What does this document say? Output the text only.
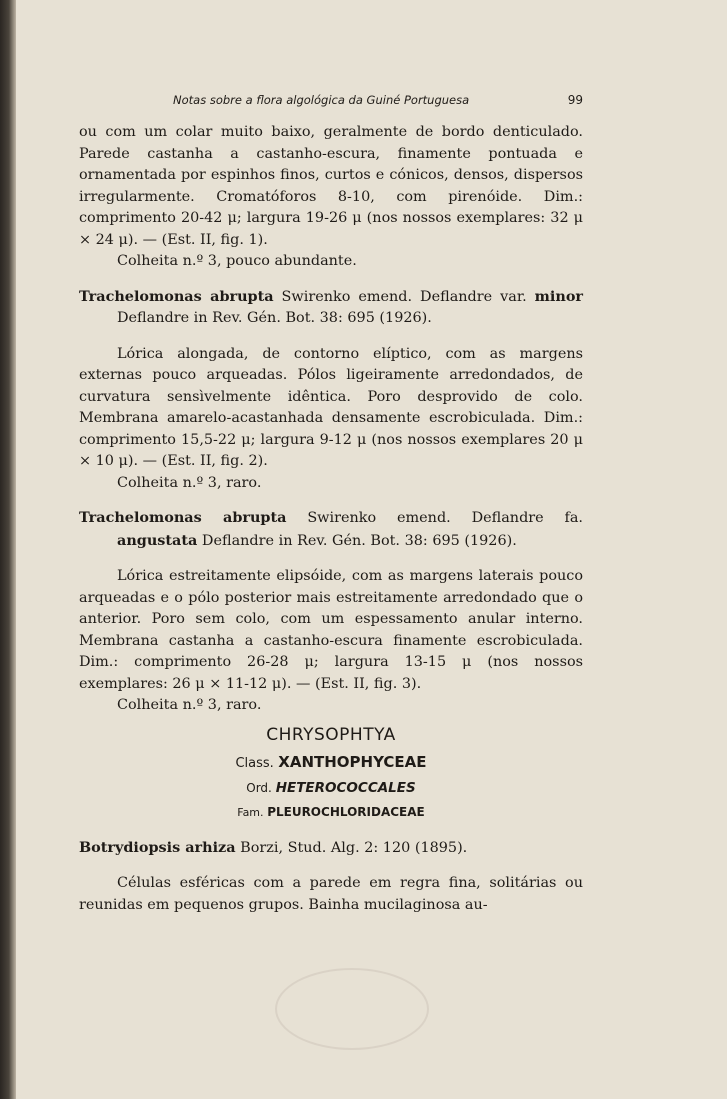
Notas sobre a flora algológica da Guiné Portuguesa	99

ou com um colar muito baixo, geralmente de bordo denticulado. Parede castanha a castanho-escura, finamente pontuada e ornamentada por espinhos finos, curtos e cónicos, densos, dispersos irregularmente. Cromatóforos 8-10, com pirenóide. Dim.: comprimento 20-42 μ; largura 19-26 μ (nos nossos exemplares: 32 μ × 24 μ). — (Est. II, fig. 1).

Colheita n.º 3, pouco abundante.

Trachelomonas abrupta Swirenko emend. Deflandre var. minor Deflandre in Rev. Gén. Bot. 38: 695 (1926).

Lórica alongada, de contorno elíptico, com as margens externas pouco arqueadas. Pólos ligeiramente arredondados, de curvatura sensìvelmente idêntica. Poro desprovido de colo. Membrana amarelo-acastanhada densamente escrobiculada. Dim.: comprimento 15,5-22 μ; largura 9-12 μ (nos nossos exemplares 20 μ × 10 μ). — (Est. II, fig. 2).

Colheita n.º 3, raro.

Trachelomonas abrupta Swirenko emend. Deflandre fa. angustata Deflandre in Rev. Gén. Bot. 38: 695 (1926).

Lórica estreitamente elipsóide, com as margens laterais pouco arqueadas e o pólo posterior mais estreitamente arredondado que o anterior. Poro sem colo, com um espessamento anular interno. Membrana castanha a castanho-escura finamente escrobiculada. Dim.: comprimento 26-28 μ; largura 13-15 μ (nos nossos exemplares: 26 μ × 11-12 μ). — (Est. II, fig. 3).

Colheita n.º 3, raro.

CHRYSOPHTYA

Class. XANTHOPHYCEAE

Ord. HETEROCOCCALES

Fam. PLEUROCHLORIDACEAE

Botrydiopsis arhiza Borzi, Stud. Alg. 2: 120 (1895).

Células esféricas com a parede em regra fina, solitárias ou reunidas em pequenos grupos. Bainha mucilaginosa au-
